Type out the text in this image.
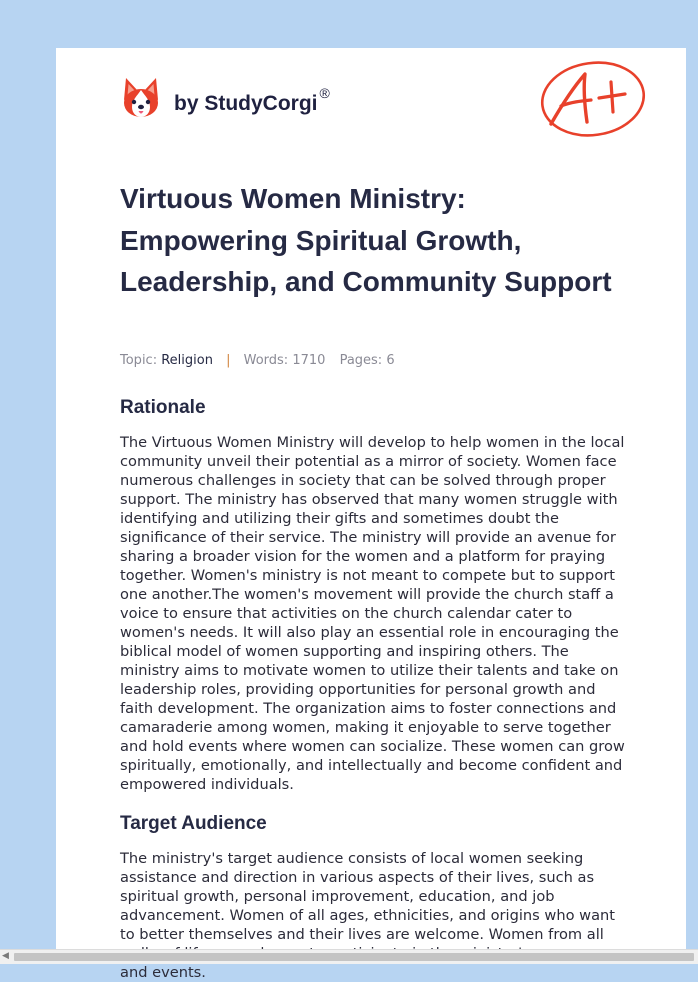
by StudyCorgi ®
Virtuous Women Ministry: Empowering Spiritual Growth, Leadership, and Community Support
Topic: Religion | Words: 1710 Pages: 6
Rationale

The Virtuous Women Ministry will develop to help women in the local community unveil their potential as a mirror of society. Women face numerous challenges in society that can be solved through proper support. The ministry has observed that many women struggle with identifying and utilizing their gifts and sometimes doubt the significance of their service. The ministry will provide an avenue for sharing a broader vision for the women and a platform for praying together. Women's ministry is not meant to compete but to support one another.The women's movement will provide the church staff a voice to ensure that activities on the church calendar cater to women's needs. It will also play an essential role in encouraging the biblical model of women supporting and inspiring others. The ministry aims to motivate women to utilize their talents and take on leadership roles, providing opportunities for personal growth and faith development. The organization aims to foster connections and camaraderie among women, making it enjoyable to serve together and hold events where women can socialize. These women can grow spiritually, emotionally, and intellectually and become confident and empowered individuals.

Target Audience

The ministry's target audience consists of local women seeking assistance and direction in various aspects of their lives, such as spiritual growth, personal improvement, education, and job advancement. Women of all ages, ethnicities, and origins who want to better themselves and their lives are welcome. Women from all and events.

◀
